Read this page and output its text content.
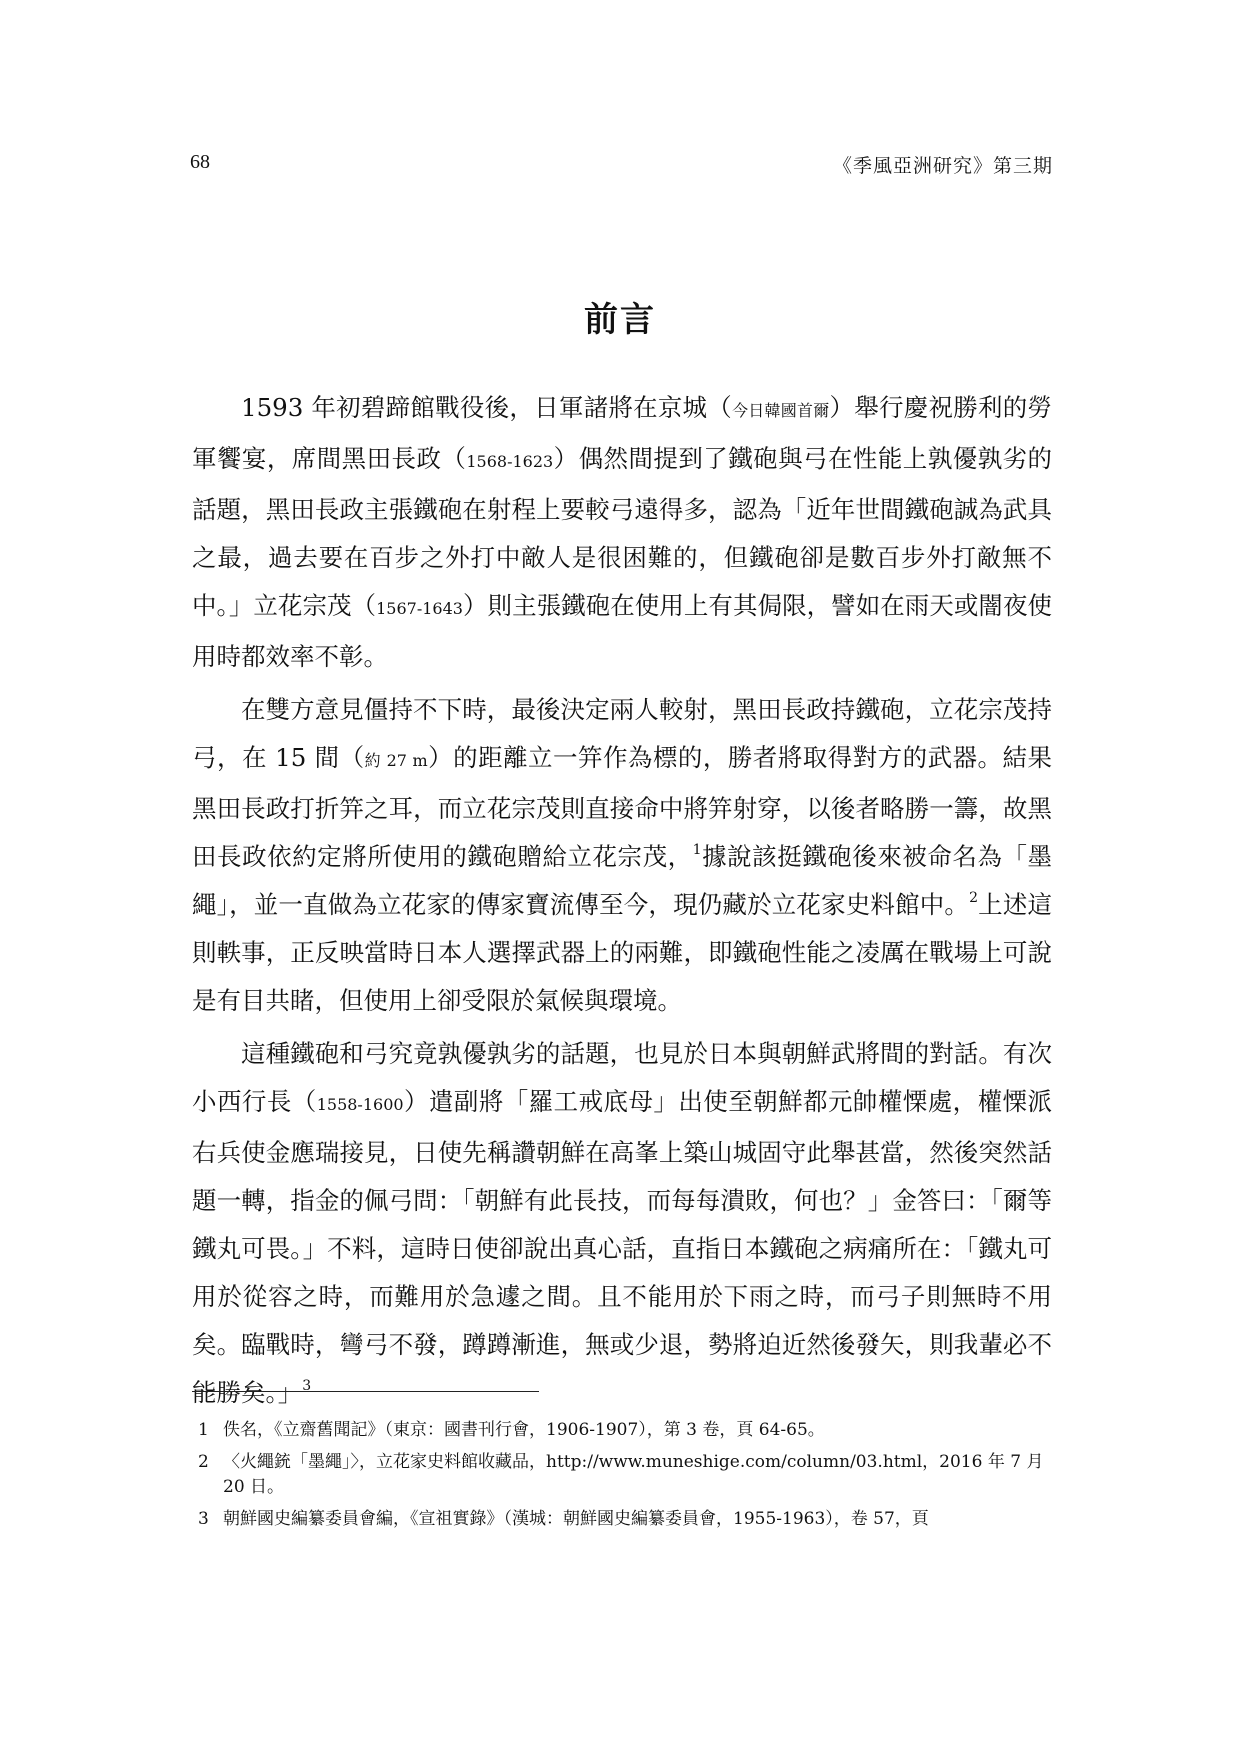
68	《季風亞洲研究》第三期
前言

1593 年初碧蹄館戰役後，日軍諸將在京城（今日韓國首爾）舉行慶祝勝利的勞軍饗宴，席間黑田長政（1568-1623）偶然間提到了鐵砲與弓在性能上孰優孰劣的話題，黑田長政主張鐵砲在射程上要較弓遠得多，認為「近年世間鐵砲誠為武具之最，過去要在百步之外打中敵人是很困難的，但鐵砲卻是數百步外打敵無不中。」立花宗茂（1567-1643）則主張鐵砲在使用上有其侷限，譬如在雨天或闇夜使用時都效率不彰。

在雙方意見僵持不下時，最後決定兩人較射，黑田長政持鐵砲，立花宗茂持弓，在 15 間（約 27 m）的距離立一笄作為標的，勝者將取得對方的武器。結果黑田長政打折笄之耳，而立花宗茂則直接命中將笄射穿，以後者略勝一籌，故黑田長政依約定將所使用的鐵砲贈給立花宗茂，$^1$據說該挺鐵砲後來被命名為「墨繩」，並一直做為立花家的傳家寶流傳至今，現仍藏於立花家史料館中。$^2$上述這則軼事，正反映當時日本人選擇武器上的兩難，即鐵砲性能之凌厲在戰場上可說是有目共睹，但使用上卻受限於氣候與環境。

這種鐵砲和弓究竟孰優孰劣的話題，也見於日本與朝鮮武將間的對話。有次小西行長（1558-1600）遣副將「羅工戒底母」出使至朝鮮都元帥權慄處，權慄派右兵使金應瑞接見，日使先稱讚朝鮮在高峯上築山城固守此舉甚當，然後突然話題一轉，指金的佩弓問：「朝鮮有此長技，而每每潰敗，何也？」金答曰：「爾等鐵丸可畏。」不料，這時日使卻說出真心話，直指日本鐵砲之病痛所在：「鐵丸可用於從容之時，而難用於急遽之間。且不能用於下雨之時，而弓子則無時不用矣。臨戰時，彎弓不發，蹲蹲漸進，無或少退，勢將迫近然後發矢，則我輩必不能勝矣。」$^3$

1 佚名，《立齋舊聞記》（東京：國書刊行會，1906-1907），第 3 卷，頁 64-65。
2 〈火繩銃「墨繩」〉，立花家史料館收藏品，http://www.muneshige.com/column/03.html，2016 年 7 月 20 日。
3 朝鮮國史編纂委員會編，《宣祖實錄》（漢城：朝鮮國史編纂委員會，1955-1963），卷 57，頁
